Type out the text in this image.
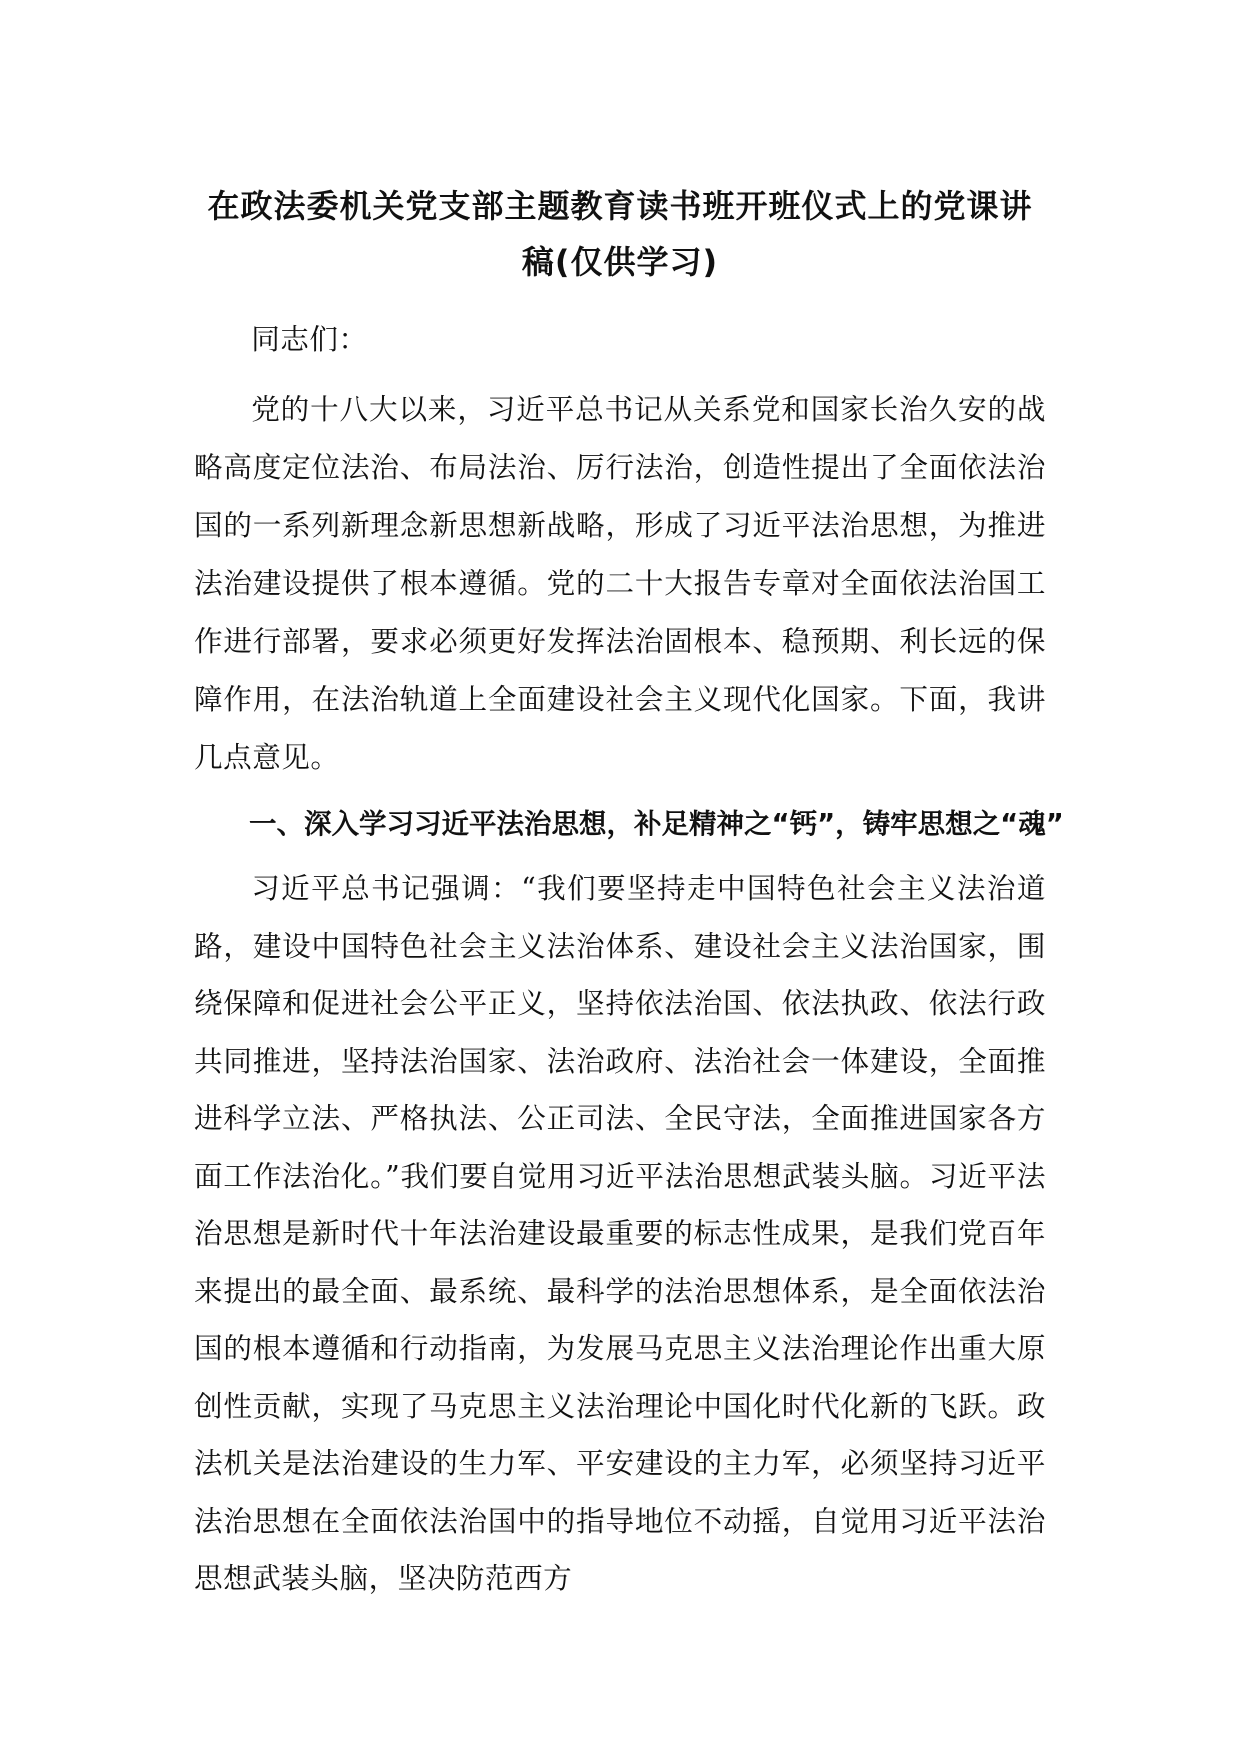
在政法委机关党支部主题教育读书班开班仪式上的党课讲
稿(仅供学习)

同志们：

党的十八大以来，习近平总书记从关系党和国家长治久安的战略高度定位法治、布局法治、厉行法治，创造性提出了全面依法治国的一系列新理念新思想新战略，形成了习近平法治思想，为推进法治建设提供了根本遵循。党的二十大报告专章对全面依法治国工作进行部署，要求必须更好发挥法治固根本、稳预期、利长远的保障作用，在法治轨道上全面建设社会主义现代化国家。下面，我讲几点意见。

一、深入学习习近平法治思想，补足精神之“钙”，铸牢思想之“魂”

习近平总书记强调：“我们要坚持走中国特色社会主义法治道路，建设中国特色社会主义法治体系、建设社会主义法治国家，围绕保障和促进社会公平正义，坚持依法治国、依法执政、依法行政共同推进，坚持法治国家、法治政府、法治社会一体建设，全面推进科学立法、严格执法、公正司法、全民守法，全面推进国家各方面工作法治化。”我们要自觉用习近平法治思想武装头脑。习近平法治思想是新时代十年法治建设最重要的标志性成果，是我们党百年来提出的最全面、最系统、最科学的法治思想体系，是全面依法治国的根本遵循和行动指南，为发展马克思主义法治理论作出重大原创性贡献，实现了马克思主义法治理论中国化时代化新的飞跃。政法机关是法治建设的生力军、平安建设的主力军，必须坚持习近平法治思想在全面依法治国中的指导地位不动摇，自觉用习近平法治思想武装头脑，坚决防范西方
